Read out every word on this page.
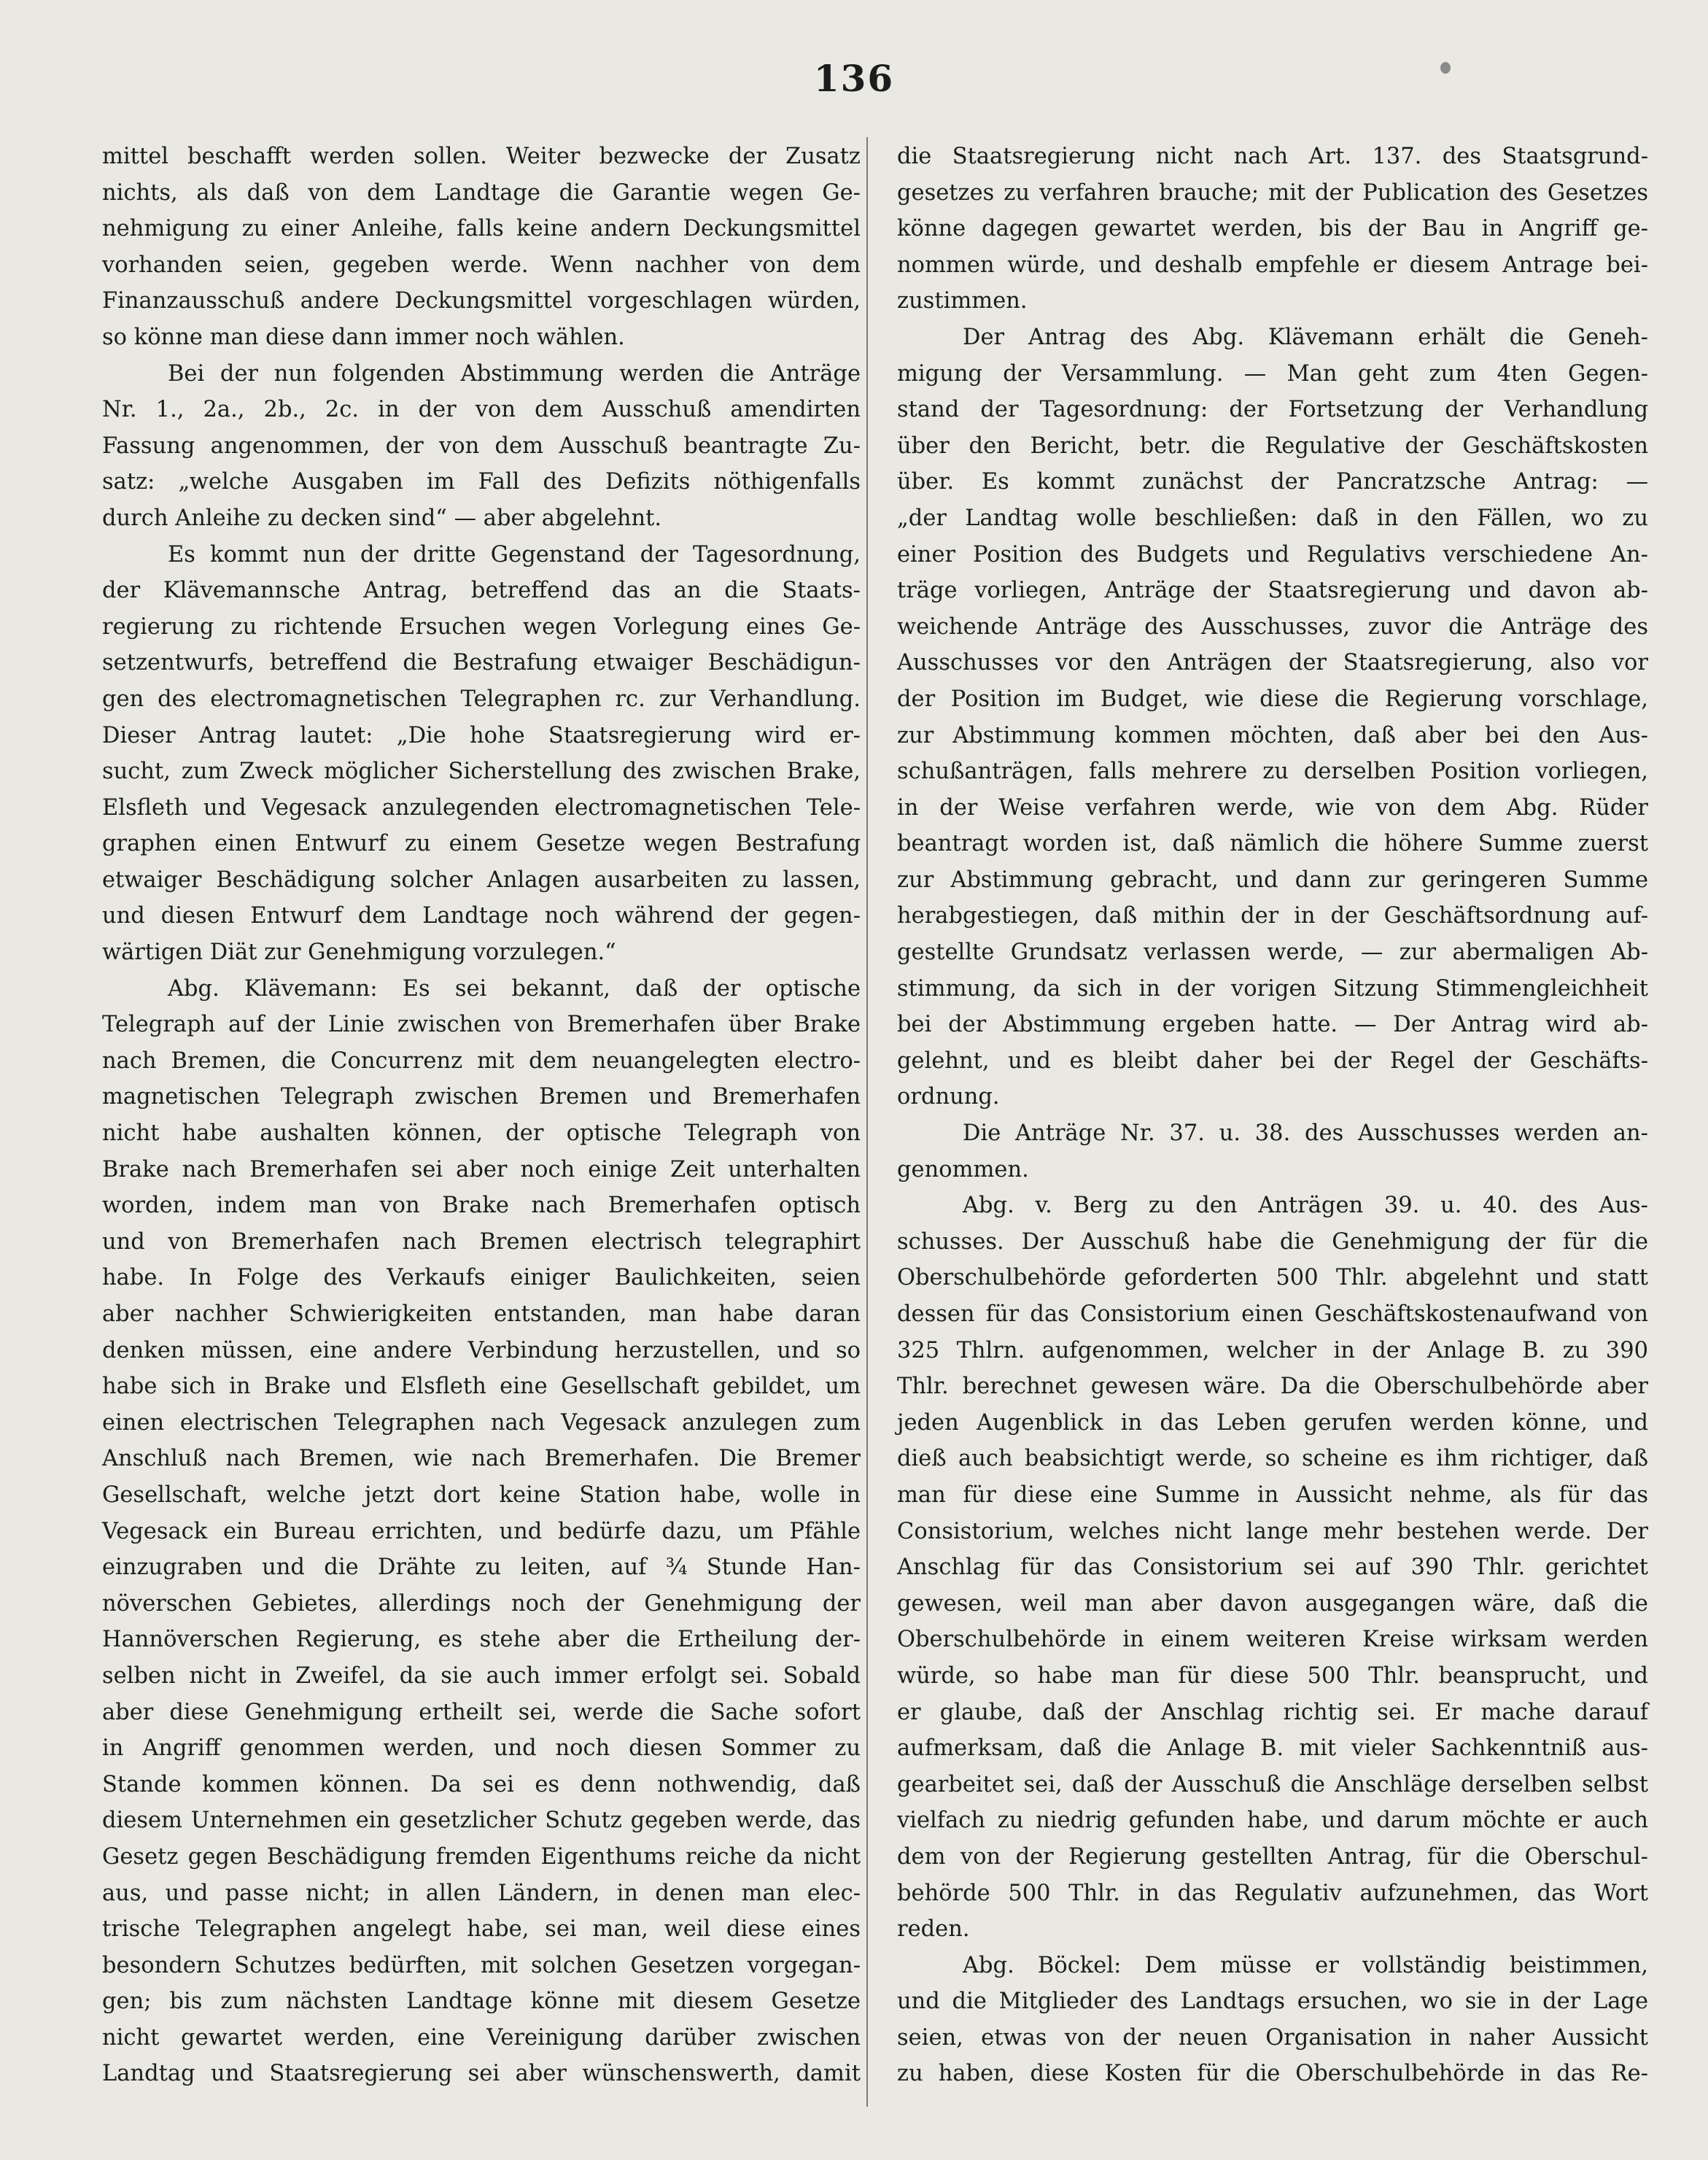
136

mittel beschafft werden sollen. Weiter bezwecke der Zusatz

nichts, als daß von dem Landtage die Garantie wegen Ge-

nehmigung zu einer Anleihe, falls keine andern Deckungsmittel

vorhanden seien, gegeben werde. Wenn nachher von dem

Finanzausschuß andere Deckungsmittel vorgeschlagen würden,

so könne man diese dann immer noch wählen.

Bei der nun folgenden Abstimmung werden die Anträge

Nr. 1., 2a., 2b., 2c. in der von dem Ausschuß amendirten

Fassung angenommen, der von dem Ausschuß beantragte Zu-

satz: „welche Ausgaben im Fall des Defizits nöthigenfalls

durch Anleihe zu decken sind“ — aber abgelehnt.

Es kommt nun der dritte Gegenstand der Tagesordnung,

der Klävemannsche Antrag, betreffend das an die Staats-

regierung zu richtende Ersuchen wegen Vorlegung eines Ge-

setzentwurfs, betreffend die Bestrafung etwaiger Beschädigun-

gen des electromagnetischen Telegraphen rc. zur Verhandlung.

Dieser Antrag lautet: „Die hohe Staatsregierung wird er-

sucht, zum Zweck möglicher Sicherstellung des zwischen Brake,

Elsfleth und Vegesack anzulegenden electromagnetischen Tele-

graphen einen Entwurf zu einem Gesetze wegen Bestrafung

etwaiger Beschädigung solcher Anlagen ausarbeiten zu lassen,

und diesen Entwurf dem Landtage noch während der gegen-

wärtigen Diät zur Genehmigung vorzulegen.“

Abg. Klävemann: Es sei bekannt, daß der optische

Telegraph auf der Linie zwischen von Bremerhafen über Brake

nach Bremen, die Concurrenz mit dem neuangelegten electro-

magnetischen Telegraph zwischen Bremen und Bremerhafen

nicht habe aushalten können, der optische Telegraph von

Brake nach Bremerhafen sei aber noch einige Zeit unterhalten

worden, indem man von Brake nach Bremerhafen optisch

und von Bremerhafen nach Bremen electrisch telegraphirt

habe. In Folge des Verkaufs einiger Baulichkeiten, seien

aber nachher Schwierigkeiten entstanden, man habe daran

denken müssen, eine andere Verbindung herzustellen, und so

habe sich in Brake und Elsfleth eine Gesellschaft gebildet, um

einen electrischen Telegraphen nach Vegesack anzulegen zum

Anschluß nach Bremen, wie nach Bremerhafen. Die Bremer

Gesellschaft, welche jetzt dort keine Station habe, wolle in

Vegesack ein Bureau errichten, und bedürfe dazu, um Pfähle

einzugraben und die Drähte zu leiten, auf ¾ Stunde Han-

növerschen Gebietes, allerdings noch der Genehmigung der

Hannöverschen Regierung, es stehe aber die Ertheilung der-

selben nicht in Zweifel, da sie auch immer erfolgt sei. Sobald

aber diese Genehmigung ertheilt sei, werde die Sache sofort

in Angriff genommen werden, und noch diesen Sommer zu

Stande kommen können. Da sei es denn nothwendig, daß

diesem Unternehmen ein gesetzlicher Schutz gegeben werde, das

Gesetz gegen Beschädigung fremden Eigenthums reiche da nicht

aus, und passe nicht; in allen Ländern, in denen man elec-

trische Telegraphen angelegt habe, sei man, weil diese eines

besondern Schutzes bedürften, mit solchen Gesetzen vorgegan-

gen; bis zum nächsten Landtage könne mit diesem Gesetze

nicht gewartet werden, eine Vereinigung darüber zwischen

Landtag und Staatsregierung sei aber wünschenswerth, damit

die Staatsregierung nicht nach Art. 137. des Staatsgrund-

gesetzes zu verfahren brauche; mit der Publication des Gesetzes

könne dagegen gewartet werden, bis der Bau in Angriff ge-

nommen würde, und deshalb empfehle er diesem Antrage bei-

zustimmen.

Der Antrag des Abg. Klävemann erhält die Geneh-

migung der Versammlung. — Man geht zum 4ten Gegen-

stand der Tagesordnung: der Fortsetzung der Verhandlung

über den Bericht, betr. die Regulative der Geschäftskosten

über. Es kommt zunächst der Pancratzsche Antrag: —

„der Landtag wolle beschließen: daß in den Fällen, wo zu

einer Position des Budgets und Regulativs verschiedene An-

träge vorliegen, Anträge der Staatsregierung und davon ab-

weichende Anträge des Ausschusses, zuvor die Anträge des

Ausschusses vor den Anträgen der Staatsregierung, also vor

der Position im Budget, wie diese die Regierung vorschlage,

zur Abstimmung kommen möchten, daß aber bei den Aus-

schußanträgen, falls mehrere zu derselben Position vorliegen,

in der Weise verfahren werde, wie von dem Abg. Rüder

beantragt worden ist, daß nämlich die höhere Summe zuerst

zur Abstimmung gebracht, und dann zur geringeren Summe

herabgestiegen, daß mithin der in der Geschäftsordnung auf-

gestellte Grundsatz verlassen werde, — zur abermaligen Ab-

stimmung, da sich in der vorigen Sitzung Stimmengleichheit

bei der Abstimmung ergeben hatte. — Der Antrag wird ab-

gelehnt, und es bleibt daher bei der Regel der Geschäfts-

ordnung.

Die Anträge Nr. 37. u. 38. des Ausschusses werden an-

genommen.

Abg. v. Berg zu den Anträgen 39. u. 40. des Aus-

schusses. Der Ausschuß habe die Genehmigung der für die

Oberschulbehörde geforderten 500 Thlr. abgelehnt und statt

dessen für das Consistorium einen Geschäftskostenaufwand von

325 Thlrn. aufgenommen, welcher in der Anlage B. zu 390

Thlr. berechnet gewesen wäre. Da die Oberschulbehörde aber

jeden Augenblick in das Leben gerufen werden könne, und

dieß auch beabsichtigt werde, so scheine es ihm richtiger, daß

man für diese eine Summe in Aussicht nehme, als für das

Consistorium, welches nicht lange mehr bestehen werde. Der

Anschlag für das Consistorium sei auf 390 Thlr. gerichtet

gewesen, weil man aber davon ausgegangen wäre, daß die

Oberschulbehörde in einem weiteren Kreise wirksam werden

würde, so habe man für diese 500 Thlr. beansprucht, und

er glaube, daß der Anschlag richtig sei. Er mache darauf

aufmerksam, daß die Anlage B. mit vieler Sachkenntniß aus-

gearbeitet sei, daß der Ausschuß die Anschläge derselben selbst

vielfach zu niedrig gefunden habe, und darum möchte er auch

dem von der Regierung gestellten Antrag, für die Oberschul-

behörde 500 Thlr. in das Regulativ aufzunehmen, das Wort

reden.

Abg. Böckel: Dem müsse er vollständig beistimmen,

und die Mitglieder des Landtags ersuchen, wo sie in der Lage

seien, etwas von der neuen Organisation in naher Aussicht

zu haben, diese Kosten für die Oberschulbehörde in das Re-
